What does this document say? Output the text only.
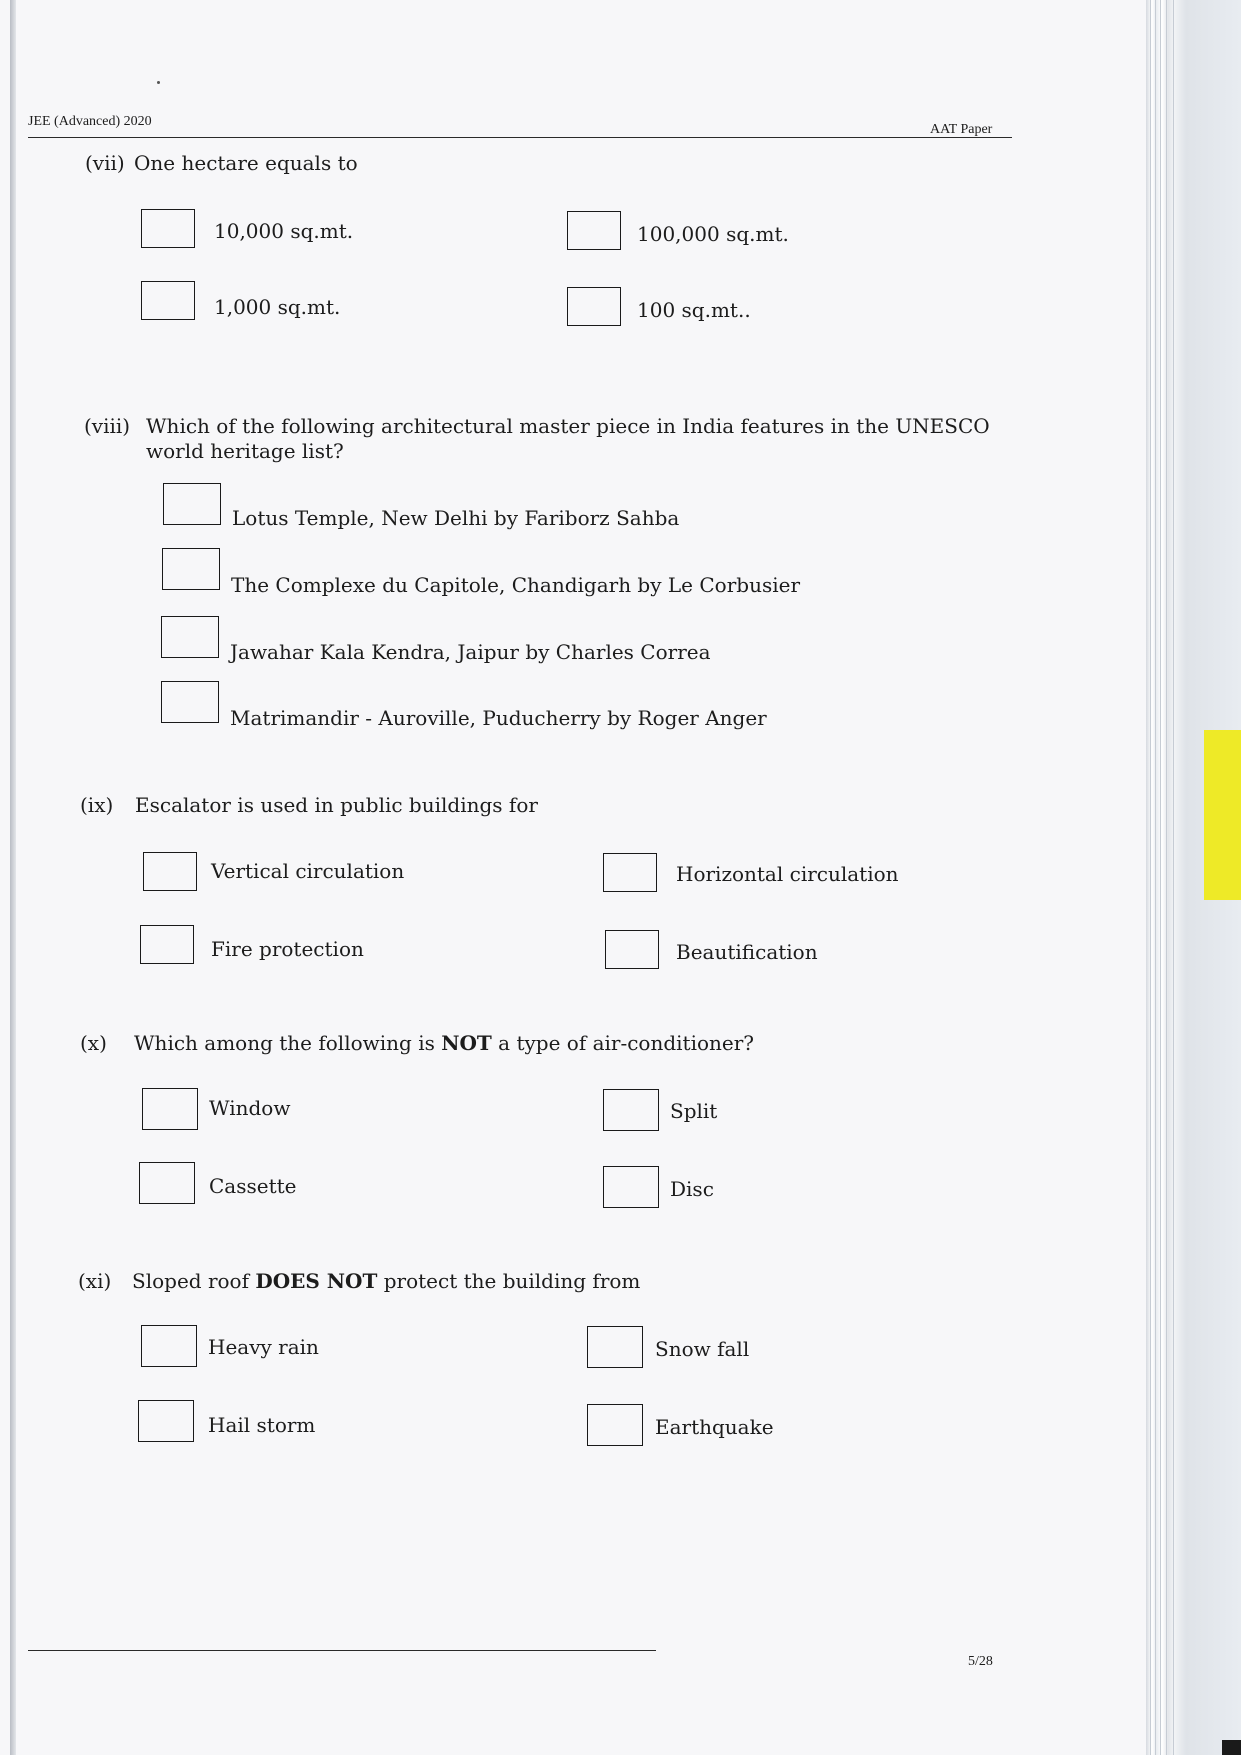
JEE (Advanced) 2020
AAT Paper
(vii) One hectare equals to
10,000 sq.mt.	100,000 sq.mt.
1,000 sq.mt.	100 sq.mt..
(viii) Which of the following architectural master piece in India features in the UNESCO world heritage list?
Lotus Temple, New Delhi by Fariborz Sahba
The Complexe du Capitole, Chandigarh by Le Corbusier
Jawahar Kala Kendra, Jaipur by Charles Correa
Matrimandir - Auroville, Puducherry by Roger Anger
(ix) Escalator is used in public buildings for
Vertical circulation	Horizontal circulation
Fire protection	Beautification
(x) Which among the following is NOT a type of air-conditioner?
Window	Split
Cassette	Disc
(xi) Sloped roof DOES NOT protect the building from
Heavy rain	Snow fall
Hail storm	Earthquake
5/28
